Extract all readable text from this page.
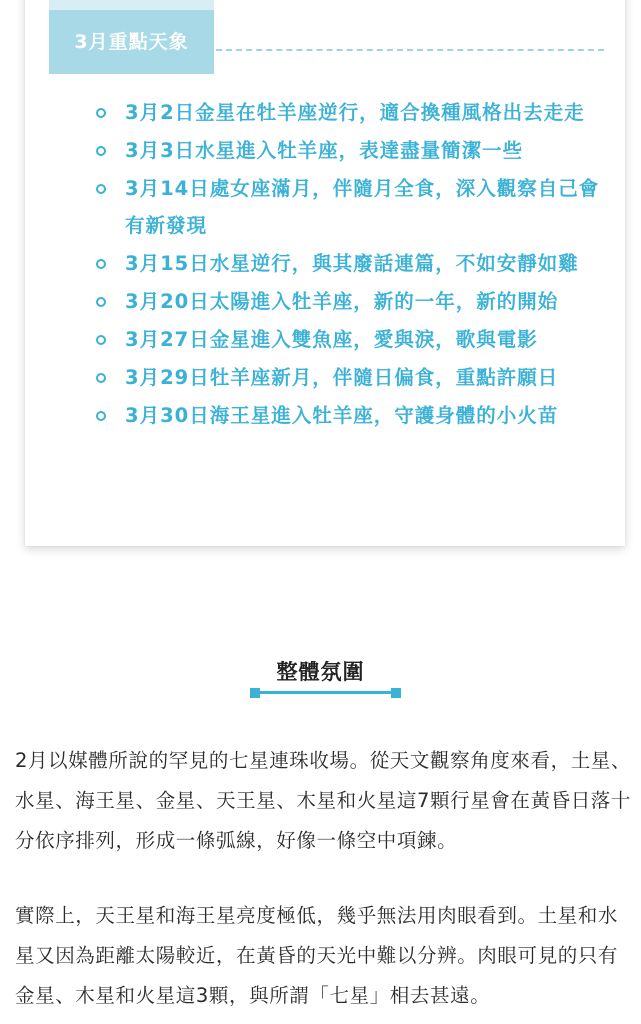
3月重點天象
3月2日金星在牡羊座逆行，適合換種風格出去走走
3月3日水星進入牡羊座，表達盡量簡潔一些
3月14日處女座滿月，伴隨月全食，深入觀察自己會有新發現
3月15日水星逆行，與其廢話連篇，不如安靜如雞
3月20日太陽進入牡羊座，新的一年，新的開始
3月27日金星進入雙魚座，愛與淚，歌與電影
3月29日牡羊座新月，伴隨日偏食，重點許願日
3月30日海王星進入牡羊座，守護身體的小火苗
整體氛圍

2月以媒體所說的罕見的七星連珠收場。從天文觀察角度來看，土星、水星、海王星、金星、天王星、木星和火星這7顆行星會在黃昏日落十分依序排列，形成一條弧線，好像一條空中項鍊。

實際上，天王星和海王星亮度極低，幾乎無法用肉眼看到。土星和水星又因為距離太陽較近，在黃昏的天光中難以分辨。肉眼可見的只有金星、木星和火星這3顆，與所謂「七星」相去甚遠。
